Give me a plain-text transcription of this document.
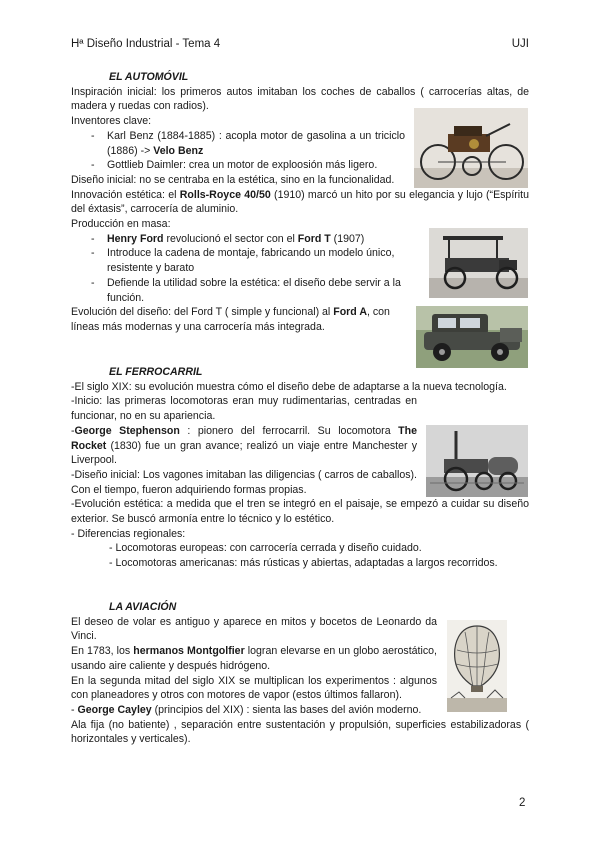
Hª Diseño Industrial - Tema 4	UJI
EL AUTOMÓVIL
Inspiración inicial: los primeros autos imitaban los coches de caballos ( carrocerías altas, de madera y ruedas con radios).
Inventores clave:
- Karl Benz (1884-1885) : acopla motor de gasolina a un triciclo (1886) -> Velo Benz
- Gottlieb Daimler: crea un motor de exploosión más ligero.
Diseño inicial: no se centraba en la estética, sino en la funcionalidad.
Innovación estética: el Rolls-Royce 40/50 (1910) marcó un hito por su elegancia y lujo (“Espíritu del éxtasis”, carrocería de aluminio.
Producción en masa:
- Henry Ford revolucionó el sector con el Ford T (1907)
- Introduce la cadena de montaje, fabricando un modelo único, resistente y barato
- Defiende la utilidad sobre la estética: el diseño debe servir a la función.
Evolución del diseño: del Ford T ( simple y funcional) al Ford A, con líneas más modernas y una carrocería más integrada.
EL FERROCARRIL
-El siglo XIX: su evolución muestra cómo el diseño debe de adaptarse a la nueva tecnología.
-Inicio: las primeras locomotoras eran muy rudimentarias, centradas en funcionar, no en su apariencia.
-George Stephenson : pionero del ferrocarril. Su locomotora The Rocket (1830) fue un gran avance; realizó un viaje entre Manchester y Liverpool.
-Diseño inicial: Los vagones imitaban las diligencias ( carros de caballos). Con el tiempo, fueron adquiriendo formas propias.
-Evolución estética: a medida que el tren se integró en el paisaje, se empezó a cuidar su diseño exterior. Se buscó armonía entre lo técnico y lo estético.
- Diferencias regionales:
- Locomotoras europeas: con carrocería cerrada y diseño cuidado.
- Locomotoras americanas: más rústicas y abiertas, adaptadas a largos recorridos.
LA AVIACIÓN
El deseo de volar es antiguo y aparece en mitos y bocetos de Leonardo da Vinci.
En 1783, los hermanos Montgolfier logran elevarse en un globo aerostático, usando aire caliente y después hidrógeno.
En la segunda mitad del siglo XIX se multiplican los experimentos : algunos con planeadores y otros con motores de vapor (estos últimos fallaron).
- George Cayley (principios del XIX) : sienta las bases del avión moderno.
Ala fija (no batiente) , separación entre sustentación y propulsión, superficies estabilizadoras ( horizontales y verticales).
2
